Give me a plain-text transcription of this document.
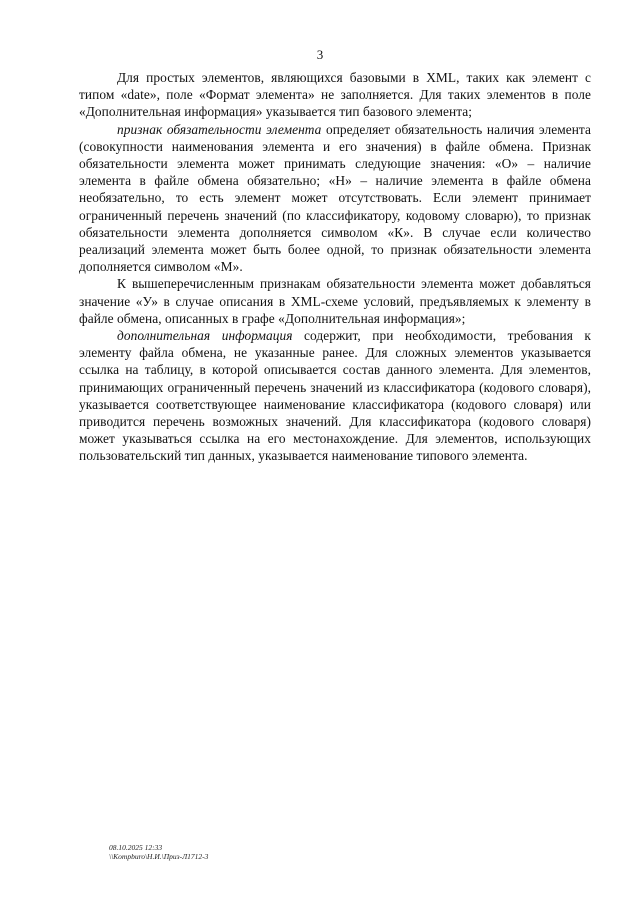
3

Для простых элементов, являющихся базовыми в XML, таких как элемент с типом «date», поле «Формат элемента» не заполняется. Для таких элементов в поле «Дополнительная информация» указывается тип базового элемента;

признак обязательности элемента определяет обязательность наличия элемента (совокупности наименования элемента и его значения) в файле обмена. Признак обязательности элемента может принимать следующие значения: «О» – наличие элемента в файле обмена обязательно; «Н» – наличие элемента в файле обмена необязательно, то есть элемент может отсутствовать. Если элемент принимает ограниченный перечень значений (по классификатору, кодовому словарю), то признак обязательности элемента дополняется символом «К». В случае если количество реализаций элемента может быть более одной, то признак обязательности элемента дополняется символом «М».

К вышеперечисленным признакам обязательности элемента может добавляться значение «У» в случае описания в XML-схеме условий, предъявляемых к элементу в файле обмена, описанных в графе «Дополнительная информация»;

дополнительная информация содержит, при необходимости, требования к элементу файла обмена, не указанные ранее. Для сложных элементов указывается ссылка на таблицу, в которой описывается состав данного элемента. Для элементов, принимающих ограниченный перечень значений из классификатора (кодового словаря), указывается соответствующее наименование классификатора (кодового словаря) или приводится перечень возможных значений. Для классификатора (кодового словаря) может указываться ссылка на его местонахождение. Для элементов, использующих пользовательский тип данных, указывается наименование типового элемента.

08.10.2025 12:33
\\Kompburo\Н.И.\Приз-Л1712-3
